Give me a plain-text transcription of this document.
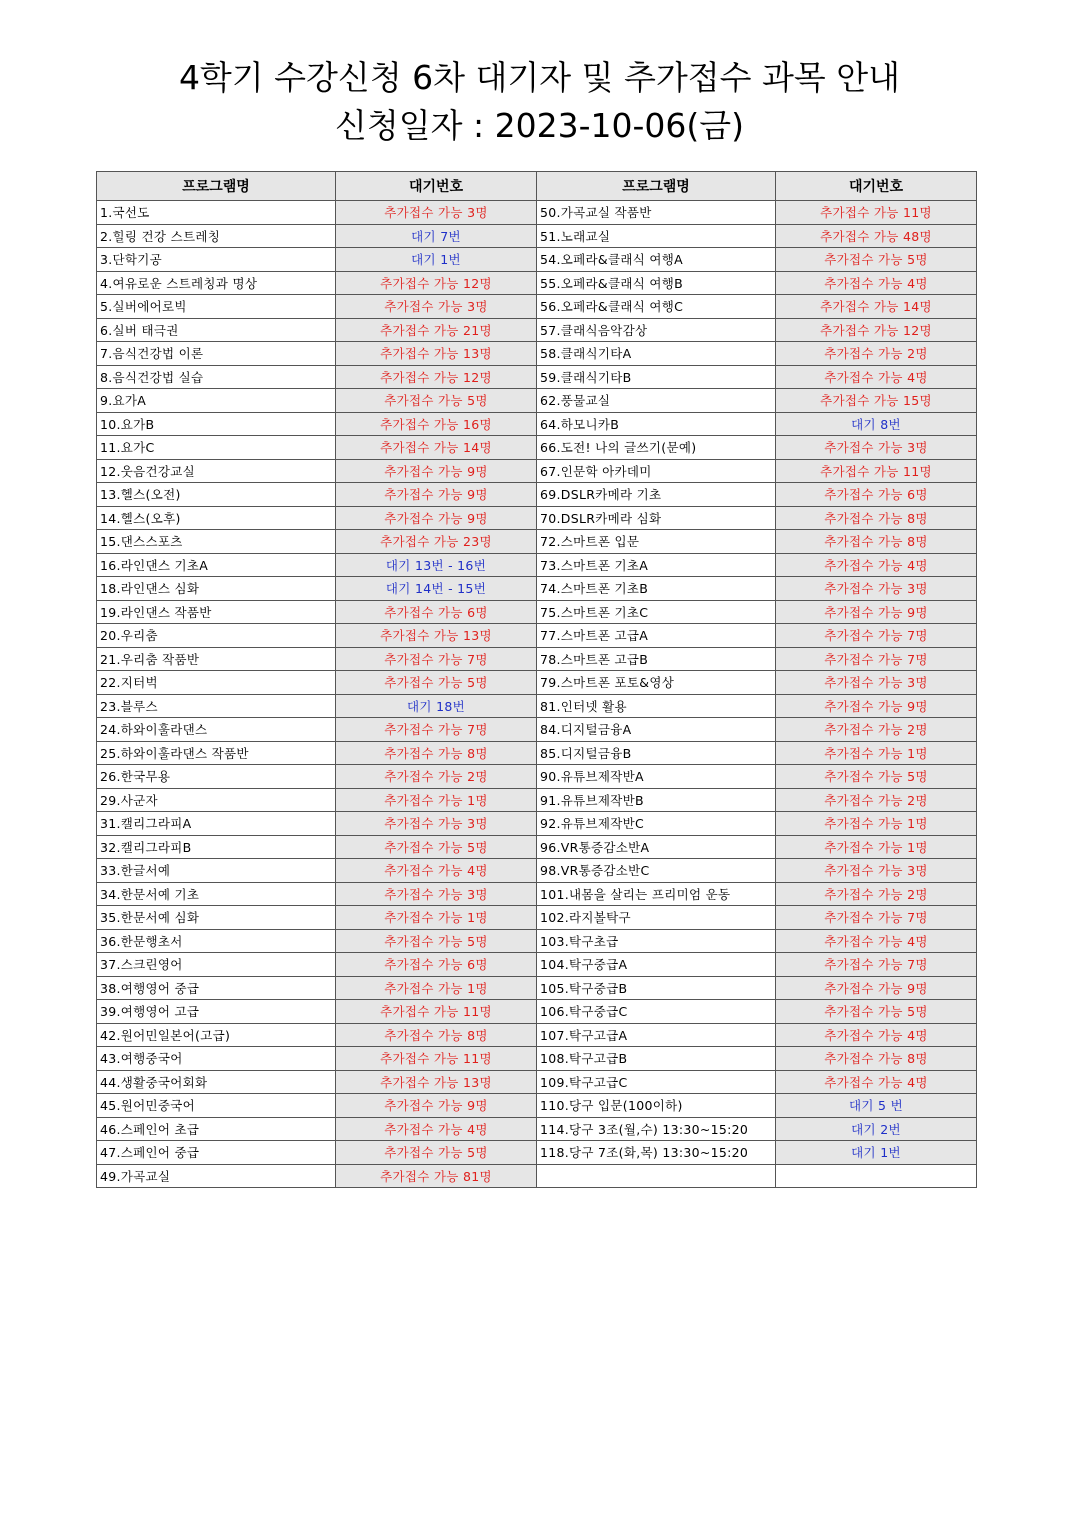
4학기 수강신청 6차 대기자 및 추가접수 과목 안내
신청일자 : 2023-10-06(금)
프로그램명	대기번호	프로그램명	대기번호
1.국선도	추가접수 가능 3명	50.가곡교실 작품반	추가접수 가능 11명
2.힐링 건강 스트레칭	대기 7번	51.노래교실	추가접수 가능 48명
3.단학기공	대기 1번	54.오페라&클래식 여행A	추가접수 가능 5명
4.여유로운 스트레칭과 명상	추가접수 가능 12명	55.오페라&클래식 여행B	추가접수 가능 4명
5.실버에어로빅	추가접수 가능 3명	56.오페라&클래식 여행C	추가접수 가능 14명
6.실버 태극권	추가접수 가능 21명	57.클래식음악감상	추가접수 가능 12명
7.음식건강법 이론	추가접수 가능 13명	58.클래식기타A	추가접수 가능 2명
8.음식건강법 실습	추가접수 가능 12명	59.클래식기타B	추가접수 가능 4명
9.요가A	추가접수 가능 5명	62.풍물교실	추가접수 가능 15명
10.요가B	추가접수 가능 16명	64.하모니카B	대기 8번
11.요가C	추가접수 가능 14명	66.도전! 나의 글쓰기(문예)	추가접수 가능 3명
12.웃음건강교실	추가접수 가능 9명	67.인문학 아카데미	추가접수 가능 11명
13.헬스(오전)	추가접수 가능 9명	69.DSLR카메라 기초	추가접수 가능 6명
14.헬스(오후)	추가접수 가능 9명	70.DSLR카메라 심화	추가접수 가능 8명
15.댄스스포츠	추가접수 가능 23명	72.스마트폰 입문	추가접수 가능 8명
16.라인댄스 기초A	대기 13번 - 16번	73.스마트폰 기초A	추가접수 가능 4명
18.라인댄스 심화	대기 14번 - 15번	74.스마트폰 기초B	추가접수 가능 3명
19.라인댄스 작품반	추가접수 가능 6명	75.스마트폰 기초C	추가접수 가능 9명
20.우리춤	추가접수 가능 13명	77.스마트폰 고급A	추가접수 가능 7명
21.우리춤 작품반	추가접수 가능 7명	78.스마트폰 고급B	추가접수 가능 7명
22.지터벅	추가접수 가능 5명	79.스마트폰 포토&영상	추가접수 가능 3명
23.블루스	대기 18번	81.인터넷 활용	추가접수 가능 9명
24.하와이훌라댄스	추가접수 가능 7명	84.디지털금융A	추가접수 가능 2명
25.하와이훌라댄스 작품반	추가접수 가능 8명	85.디지털금융B	추가접수 가능 1명
26.한국무용	추가접수 가능 2명	90.유튜브제작반A	추가접수 가능 5명
29.사군자	추가접수 가능 1명	91.유튜브제작반B	추가접수 가능 2명
31.캘리그라피A	추가접수 가능 3명	92.유튜브제작반C	추가접수 가능 1명
32.캘리그라피B	추가접수 가능 5명	96.VR통증감소반A	추가접수 가능 1명
33.한글서예	추가접수 가능 4명	98.VR통증감소반C	추가접수 가능 3명
34.한문서예 기초	추가접수 가능 3명	101.내몸을 살리는 프리미엄 운동	추가접수 가능 2명
35.한문서예 심화	추가접수 가능 1명	102.라지볼탁구	추가접수 가능 7명
36.한문행초서	추가접수 가능 5명	103.탁구초급	추가접수 가능 4명
37.스크린영어	추가접수 가능 6명	104.탁구중급A	추가접수 가능 7명
38.여행영어 중급	추가접수 가능 1명	105.탁구중급B	추가접수 가능 9명
39.여행영어 고급	추가접수 가능 11명	106.탁구중급C	추가접수 가능 5명
42.원어민일본어(고급)	추가접수 가능 8명	107.탁구고급A	추가접수 가능 4명
43.여행중국어	추가접수 가능 11명	108.탁구고급B	추가접수 가능 8명
44.생활중국어회화	추가접수 가능 13명	109.탁구고급C	추가접수 가능 4명
45.원어민중국어	추가접수 가능 9명	110.당구 입문(100이하)	대기 5 번
46.스페인어 초급	추가접수 가능 4명	114.당구 3조(월,수) 13:30~15:20	대기 2번
47.스페인어 중급	추가접수 가능 5명	118.당구 7조(화,목) 13:30~15:20	대기 1번
49.가곡교실	추가접수 가능 81명		
